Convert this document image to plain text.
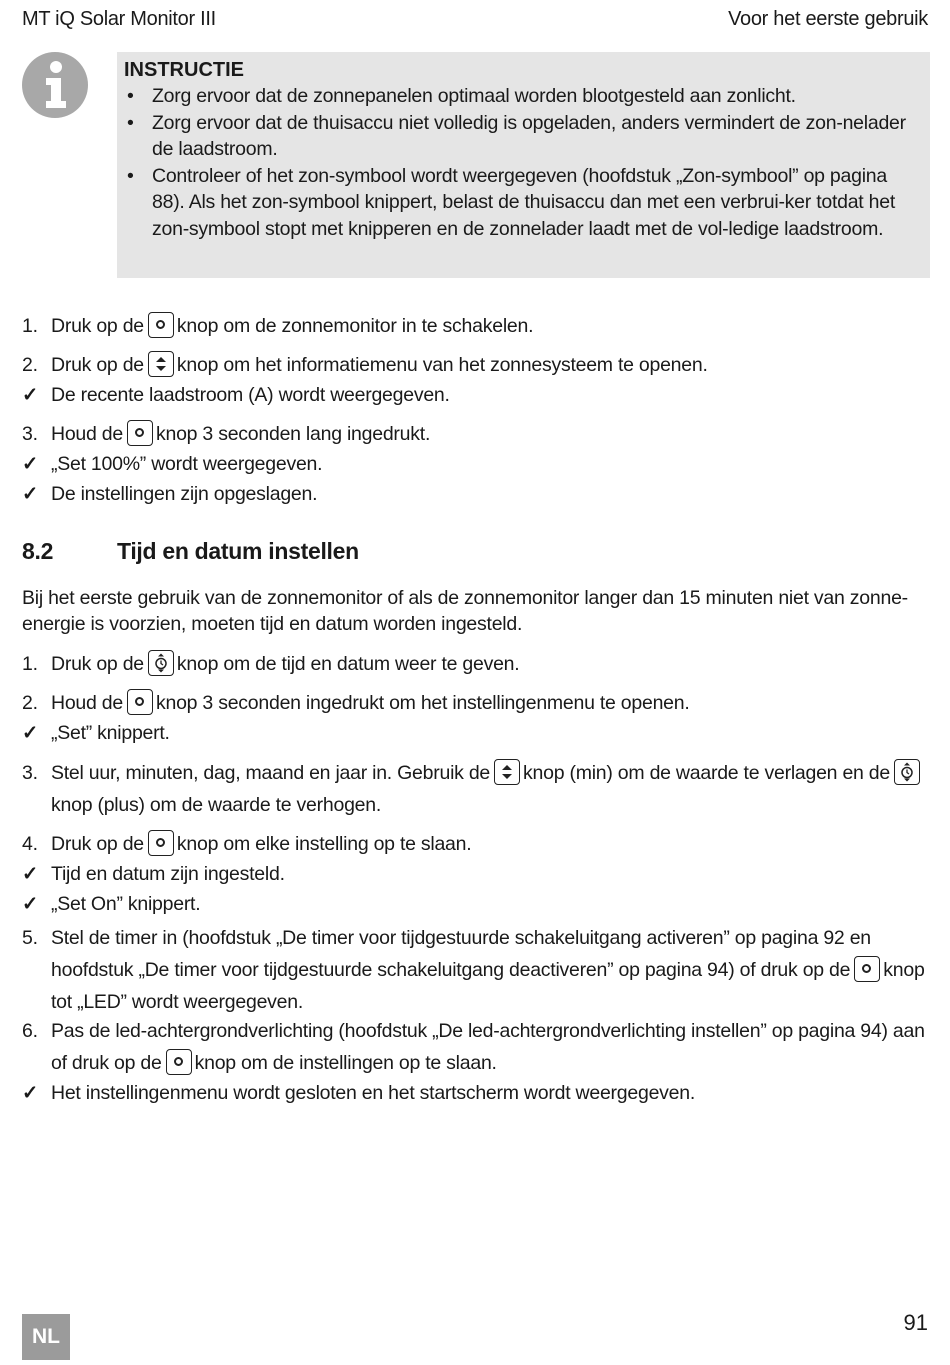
MT iQ Solar Monitor III	Voor het eerste gebruik
INSTRUCTIE
• Zorg ervoor dat de zonnepanelen optimaal worden blootgesteld aan zonlicht.
• Zorg ervoor dat de thuisaccu niet volledig is opgeladen, anders vermindert de zon-nelader de laadstroom.
• Controleer of het zon-symbool wordt weergegeven (hoofdstuk „Zon-symbool” op pagina 88). Als het zon-symbool knippert, belast de thuisaccu dan met een verbrui-ker totdat het zon-symbool stopt met knipperen en de zonnelader laadt met de vol-ledige laadstroom.
1. Druk op de knop om de zonnemonitor in te schakelen.
2. Druk op de knop om het informatiemenu van het zonnesysteem te openen.
✓ De recente laadstroom (A) wordt weergegeven.
3. Houd de knop 3 seconden lang ingedrukt.
✓ „Set 100%” wordt weergegeven.
✓ De instellingen zijn opgeslagen.
8.2	Tijd en datum instellen

Bij het eerste gebruik van de zonnemonitor of als de zonnemonitor langer dan 15 minuten niet van zonne-energie is voorzien, moeten tijd en datum worden ingesteld.

1. Druk op de knop om de tijd en datum weer te geven.
2. Houd de knop 3 seconden ingedrukt om het instellingenmenu te openen.
✓ „Set” knippert.
3. Stel uur, minuten, dag, maand en jaar in. Gebruik de knop (min) om de waarde te verlagen en de
knop (plus) om de waarde te verhogen.
4. Druk op de knop om elke instelling op te slaan.
✓ Tijd en datum zijn ingesteld.
✓ „Set On” knippert.
5. Stel de timer in (hoofdstuk „De timer voor tijdgestuurde schakeluitgang activeren” op pagina 92 en hoofdstuk „De timer voor tijdgestuurde schakeluitgang deactiveren” op pagina 94) of druk op de knop tot „LED” wordt weergegeven.
6. Pas de led-achtergrondverlichting (hoofdstuk „De led-achtergrondverlichting instellen” op pagina 94) aan of druk op de knop om de instellingen op te slaan.
✓ Het instellingenmenu wordt gesloten en het startscherm wordt weergegeven.
NL
91
